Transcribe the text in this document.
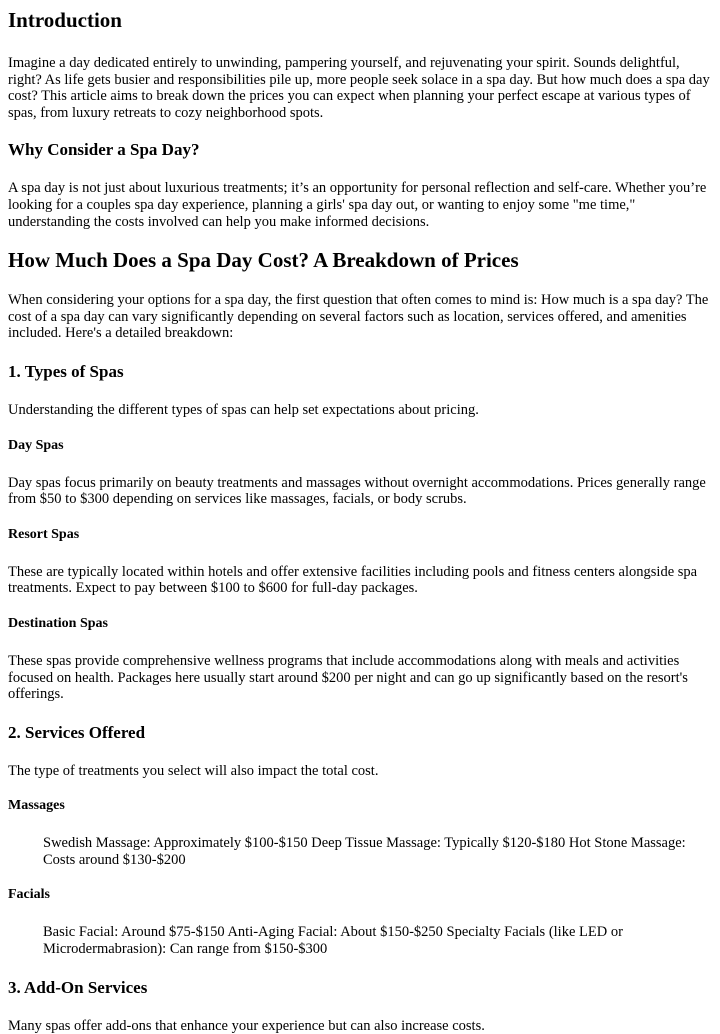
Introduction

Imagine a day dedicated entirely to unwinding, pampering yourself, and rejuvenating your spirit. Sounds delightful, right? As life gets busier and responsibilities pile up, more people seek solace in a spa day. But how much does a spa day cost? This article aims to break down the prices you can expect when planning your perfect escape at various types of spas, from luxury retreats to cozy neighborhood spots.

Why Consider a Spa Day?

A spa day is not just about luxurious treatments; it’s an opportunity for personal reflection and self-care. Whether you’re looking for a couples spa day experience, planning a girls' spa day out, or wanting to enjoy some "me time," understanding the costs involved can help you make informed decisions.

How Much Does a Spa Day Cost? A Breakdown of Prices

When considering your options for a spa day, the first question that often comes to mind is: How much is a spa day? The cost of a spa day can vary significantly depending on several factors such as location, services offered, and amenities included. Here's a detailed breakdown:

1. Types of Spas

Understanding the different types of spas can help set expectations about pricing.

Day Spas

Day spas focus primarily on beauty treatments and massages without overnight accommodations. Prices generally range from $50 to $300 depending on services like massages, facials, or body scrubs.

Resort Spas

These are typically located within hotels and offer extensive facilities including pools and fitness centers alongside spa treatments. Expect to pay between $100 to $600 for full-day packages.

Destination Spas

These spas provide comprehensive wellness programs that include accommodations along with meals and activities focused on health. Packages here usually start around $200 per night and can go up significantly based on the resort's offerings.

2. Services Offered

The type of treatments you select will also impact the total cost.

Massages

Swedish Massage: Approximately $100-$150 Deep Tissue Massage: Typically $120-$180 Hot Stone Massage: Costs around $130-$200

Facials

Basic Facial: Around $75-$150 Anti-Aging Facial: About $150-$250 Specialty Facials (like LED or Microdermabrasion): Can range from $150-$300

3. Add-On Services

Many spas offer add-ons that enhance your experience but can also increase costs.
